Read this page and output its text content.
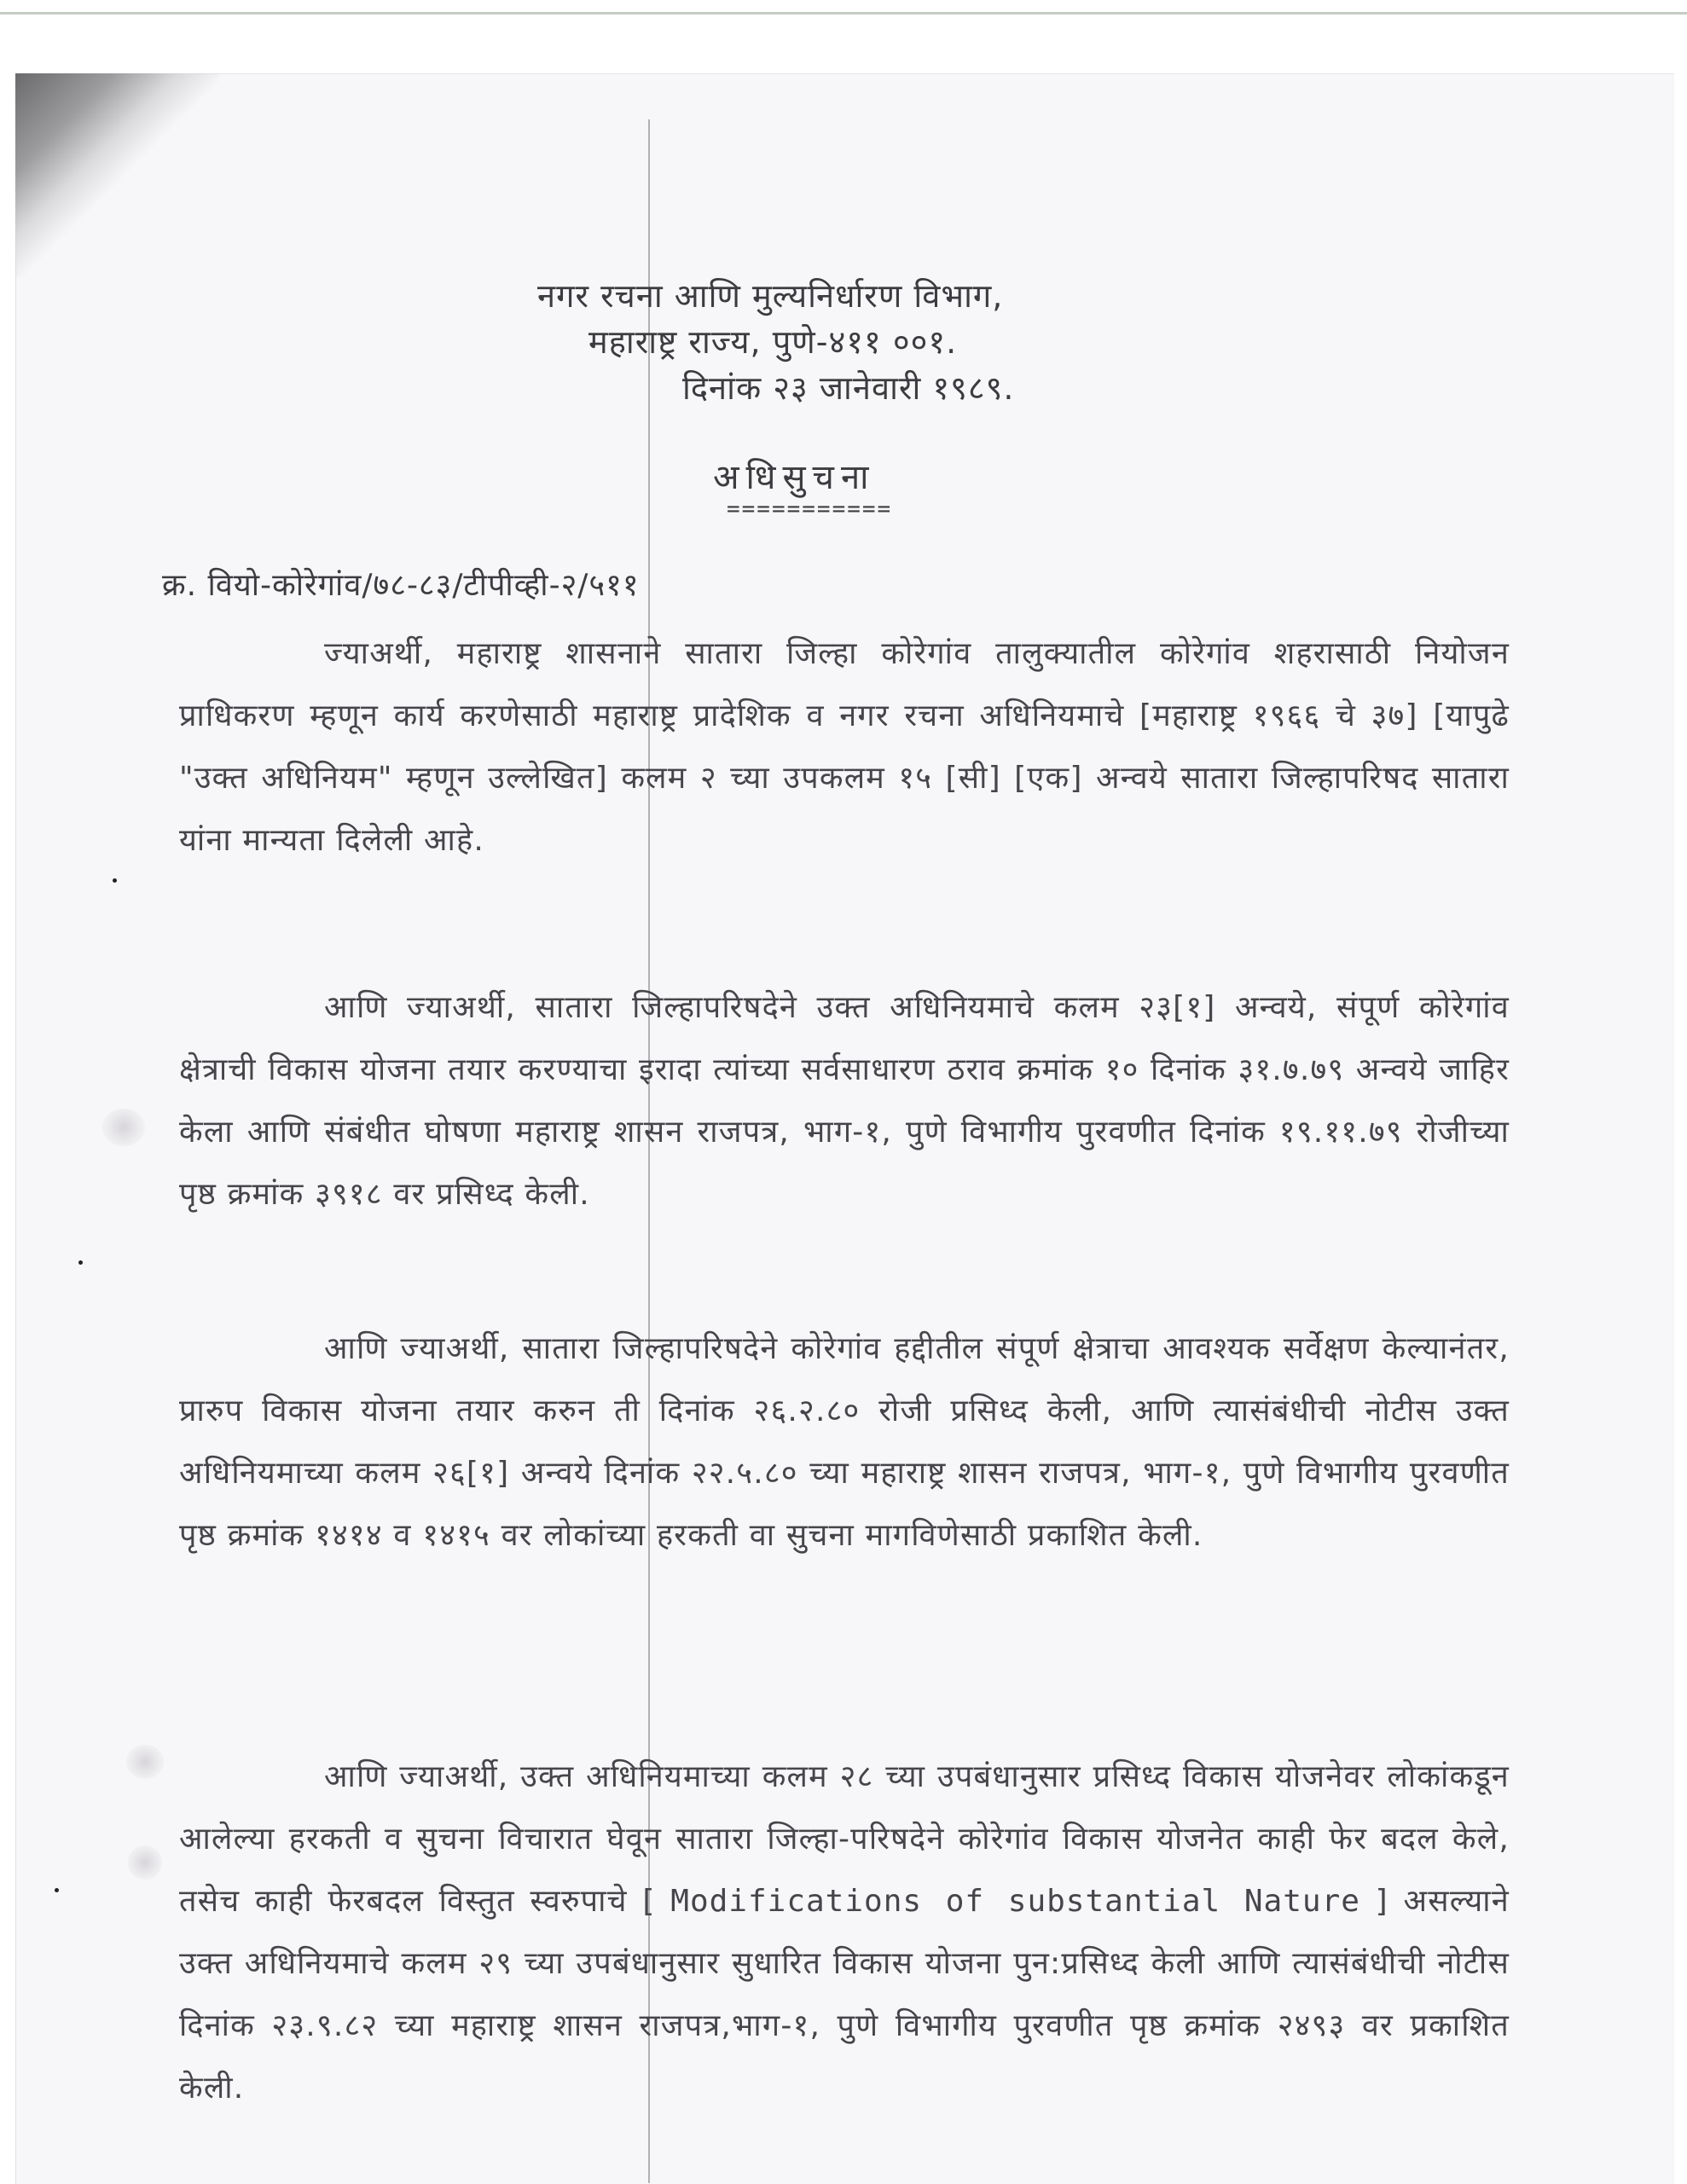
नगर रचना आणि मुल्यनिर्धारण विभाग,
महाराष्ट्र राज्य, पुणे-४११ ००१.
दिनांक २३ जानेवारी १९८९.
अधिसुचना
===========
क्र. वियो-कोरेगांव/७८-८३/टीपीव्ही-२/५११
ज्याअर्थी, महाराष्ट्र शासनाने सातारा जिल्हा कोरेगांव तालुक्यातील कोरेगांव शहरासाठी नियोजन प्राधिकरण म्हणून कार्य करणेसाठी महाराष्ट्र प्रादेशिक व नगर रचना अधिनियमाचे [महाराष्ट्र १९६६ चे ३७] [यापुढे "उक्त अधिनियम" म्हणून उल्लेखित] कलम २ च्या उपकलम १५ [सी] [एक] अन्वये सातारा जिल्हापरिषद सातारा यांना मान्यता दिलेली आहे.
आणि ज्याअर्थी, सातारा जिल्हापरिषदेने उक्त अधिनियमाचे कलम २३[१] अन्वये, संपूर्ण कोरेगांव क्षेत्राची विकास योजना तयार करण्याचा इरादा त्यांच्या सर्वसाधारण ठराव क्रमांक १० दिनांक ३१.७.७९ अन्वये जाहिर केला आणि संबंधीत घोषणा महाराष्ट्र शासन राजपत्र, भाग-१, पुणे विभागीय पुरवणीत दिनांक १९.११.७९ रोजीच्या पृष्ठ क्रमांक ३९१८ वर प्रसिध्द केली.
आणि ज्याअर्थी, सातारा जिल्हापरिषदेने कोरेगांव हद्दीतील संपूर्ण क्षेत्राचा आवश्यक सर्वेक्षण केल्यानंतर, प्रारुप विकास योजना तयार करुन ती दिनांक २६.२.८० रोजी प्रसिध्द केली, आणि त्यासंबंधीची नोटीस उक्त अधिनियमाच्या कलम २६[१] अन्वये दिनांक २२.५.८० च्या महाराष्ट्र शासन राजपत्र, भाग-१, पुणे विभागीय पुरवणीत पृष्ठ क्रमांक १४१४ व १४१५ वर लोकांच्या हरकती वा सुचना मागविणेसाठी प्रकाशित केली.
आणि ज्याअर्थी, उक्त अधिनियमाच्या कलम २८ च्या उपबंधानुसार प्रसिध्द विकास योजनेवर लोकांकडून आलेल्या हरकती व सुचना विचारात घेवून सातारा जिल्हा-परिषदेने कोरेगांव विकास योजनेत काही फेर बदल केले, तसेच काही फेरबदल विस्तुत स्वरुपाचे [ Modifications of substantial Nature ] असल्याने उक्त अधिनियमाचे कलम २९ च्या उपबंधानुसार सुधारित विकास योजना पुन:प्रसिध्द केली आणि त्यासंबंधीची नोटीस दिनांक २३.९.८२ च्या महाराष्ट्र शासन राजपत्र,भाग-१, पुणे विभागीय पुरवणीत पृष्ठ क्रमांक २४९३ वर प्रकाशित केली.
